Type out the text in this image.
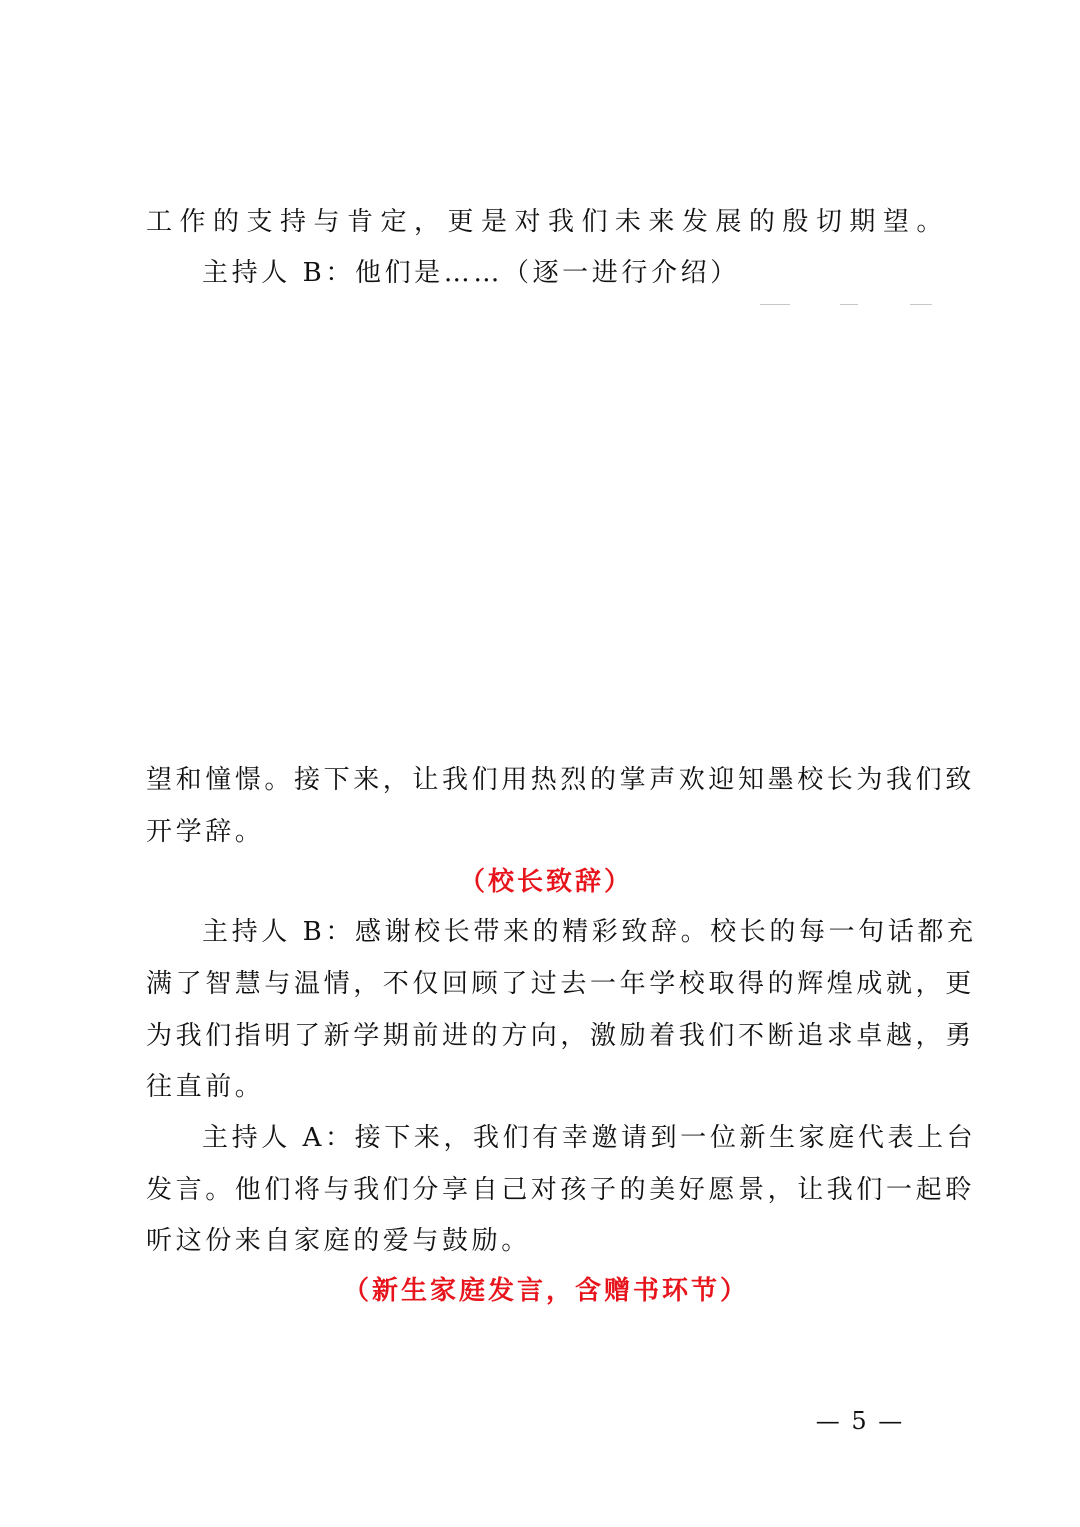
工作的支持与肯定，更是对我们未来发展的殷切期望。
主持人 B：他们是……（逐一进行介绍）
望和憧憬。接下来，让我们用热烈的掌声欢迎知墨校长为我们致
开学辞。
（校长致辞）
主持人 B：感谢校长带来的精彩致辞。校长的每一句话都充
满了智慧与温情，不仅回顾了过去一年学校取得的辉煌成就，更
为我们指明了新学期前进的方向，激励着我们不断追求卓越，勇
往直前。
主持人 A：接下来，我们有幸邀请到一位新生家庭代表上台
发言。他们将与我们分享自己对孩子的美好愿景，让我们一起聆
听这份来自家庭的爱与鼓励。
（新生家庭发言，含赠书环节）
— 5 —
